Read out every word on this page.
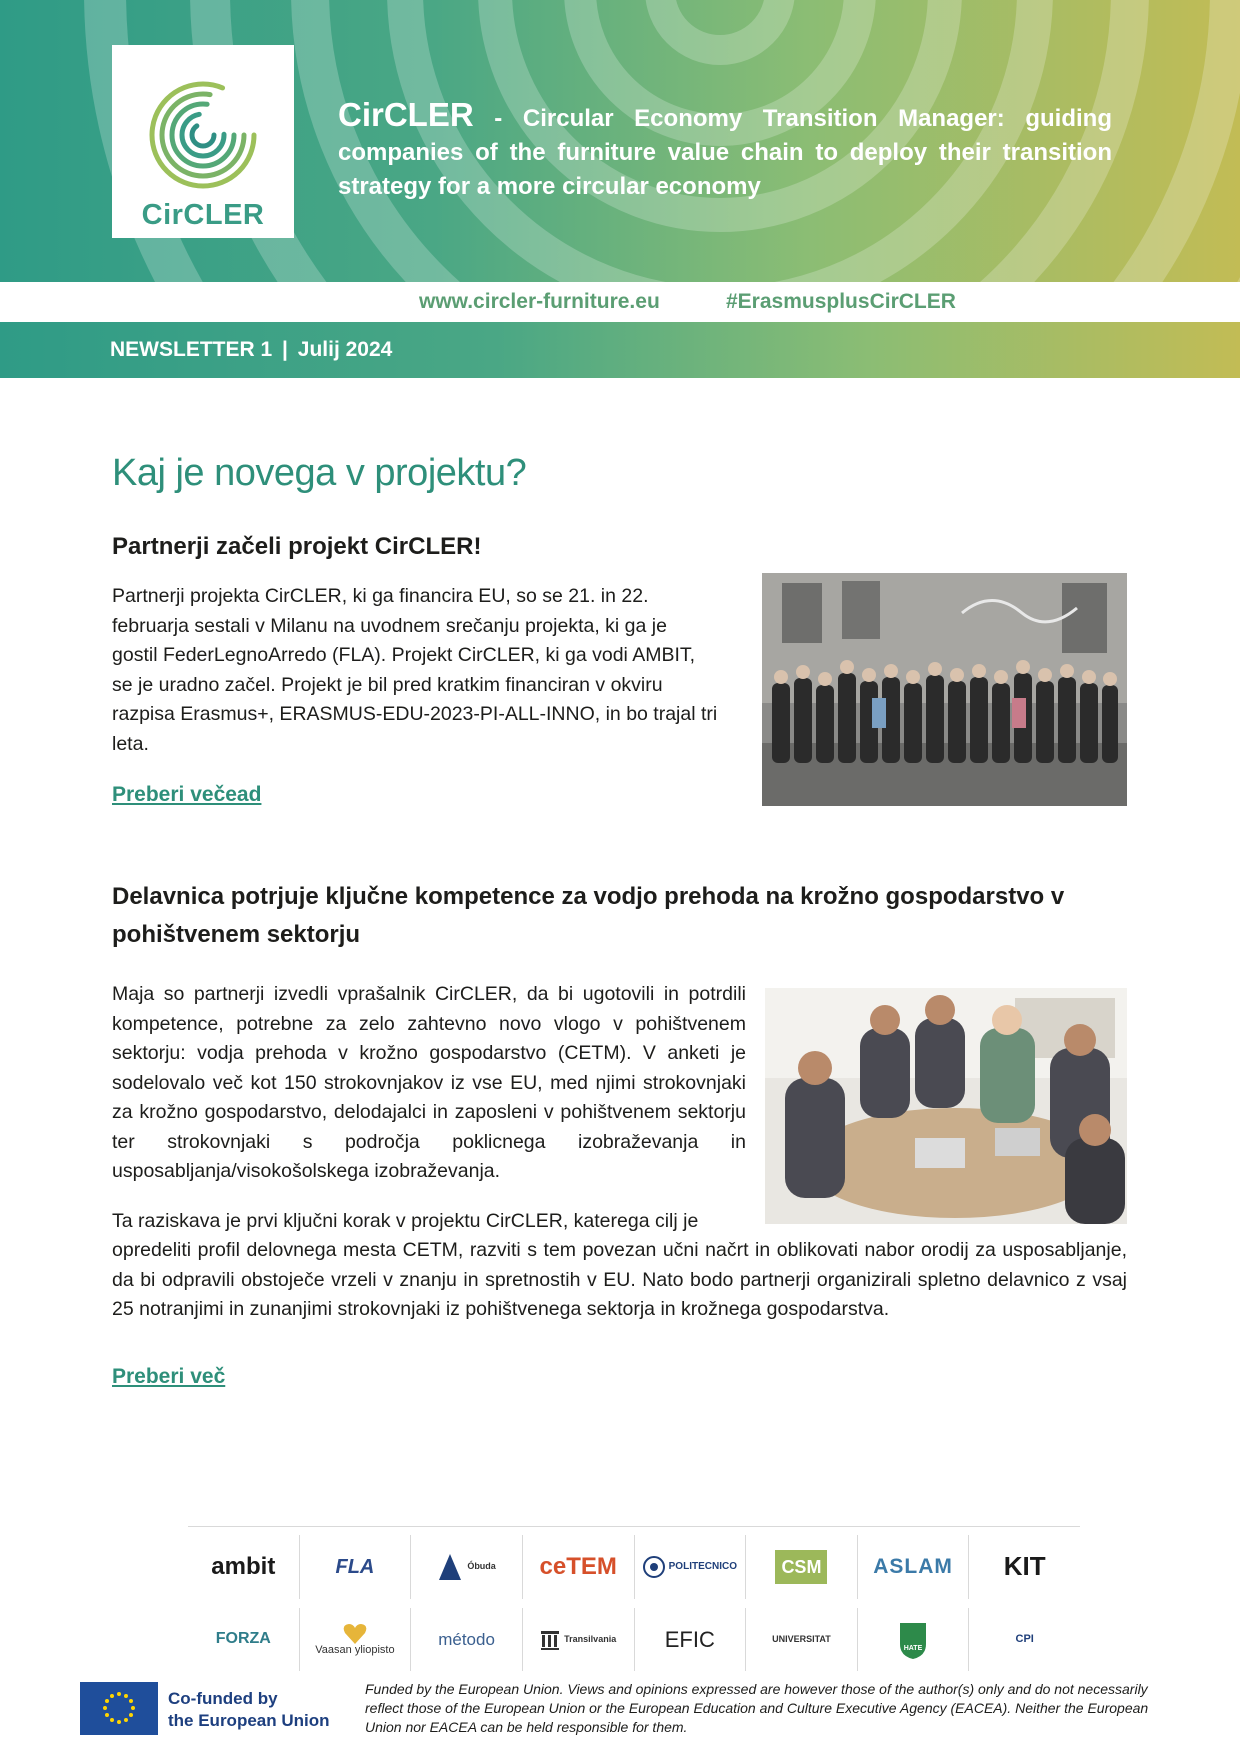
CirCLER
CirCLER - Circular Economy Transition Manager: guiding companies of the furniture value chain to deploy their transition strategy for a more circular economy
www.circler-furniture.eu	#ErasmusplusCirCLER
NEWSLETTER 1 | Julij 2024
Kaj je novega v projektu?
Partnerji začeli projekt CirCLER!
Partnerji projekta CirCLER, ki ga financira EU, so se 21. in 22.
februarja sestali v Milanu na uvodnem srečanju projekta, ki ga je
gostil FederLegnoArredo (FLA). Projekt CirCLER, ki ga vodi AMBIT,
se je uradno začel. Projekt je bil pred kratkim financiran v okviru
razpisa Erasmus+, ERASMUS-EDU-2023-PI-ALL-INNO, in bo trajal tri
leta.
Preberi večead
Delavnica potrjuje ključne kompetence za vodjo prehoda na krožno gospodarstvo v
pohištvenem sektorju
Maja so partnerji izvedli vprašalnik CirCLER, da bi ugotovili in potrdili kompetence, potrebne za zelo zahtevno novo vlogo v pohištvenem sektorju: vodja prehoda v krožno gospodarstvo (CETM). V anketi je sodelovalo več kot 150 strokovnjakov iz vse EU, med njimi strokovnjaki za krožno gospodarstvo, delodajalci in zaposleni v pohištvenem sektorju ter strokovnjaki s področja poklicnega izobraževanja in usposabljanja/visokošolskega izobraževanja.
Ta raziskava je prvi ključni korak v projektu CirCLER, katerega cilj je
opredeliti profil delovnega mesta CETM, razviti s tem povezan učni načrt in oblikovati nabor orodij za usposabljanje, da bi odpravili obstoječe vrzeli v znanju in spretnostih v EU. Nato bodo partnerji organizirali spletno delavnico z vsaj 25 notranjimi in zunanjimi strokovnjaki iz pohištvenega sektorja in krožnega gospodarstva.
Preberi več
ambit	FLA	Óbuda ceTEM	POLITECNICO	CSM ASLAM KIT
FORZA
Vaasan yliopisto
método	Transilvania EFIC	UNIVERSITAT
HATE
CPI
Co-funded by
the European Union
Funded by the European Union. Views and opinions expressed are however those of the author(s) only and do not necessarily reflect those of the European Union or the European Education and Culture Executive Agency (EACEA). Neither the European Union nor EACEA can be held responsible for them.
